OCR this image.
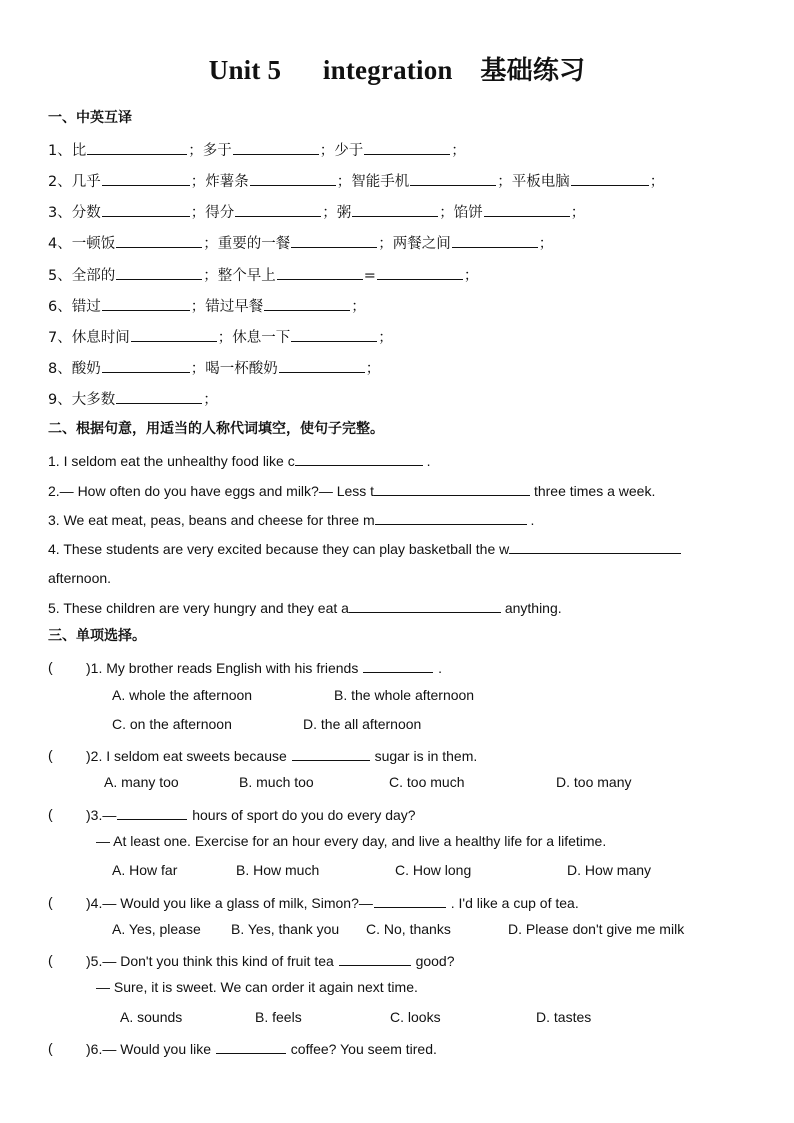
Unit 5 integration 基础练习
一、中英互译
1、比	；多于	；少于	；
2、几乎	；炸薯条	；智能手机	；平板电脑	；
3、分数	；得分	；粥	；馅饼	；
4、一顿饭	；重要的一餐	；两餐之间	；
5、全部的	；整个早上	=	；
6、错过	；错过早餐	；
7、休息时间	；休息一下	；
8、酸奶	；喝一杯酸奶	；
9、大多数	；
二、根据句意，用适当的人称代词填空，使句子完整。
1. I seldom eat the unhealthy food like c	.
2.— How often do you have eggs and milk?— Less t	three times a week.
3. We eat meat, peas, beans and cheese for three m	.
4. These students are very excited because they can play basketball the w
afternoon.
5. These children are very hungry and they eat a	anything.
三、单项选择。
( )1. My brother reads English with his friends	.
A. whole the afternoon	B. the whole afternoon
C. on the afternoon	D. the all afternoon
( )2. I seldom eat sweets because	sugar is in them.
A. many too	B. much too	C. too much	D. too many
( )3.—	hours of sport do you do every day?
— At least one. Exercise for an hour every day, and live a healthy life for a lifetime.
A. How far	B. How much	C. How long	D. How many
( )4.— Would you like a glass of milk, Simon?—	. I'd like a cup of tea.
A. Yes, please B. Yes, thank you C. No, thanks	D. Please don't give me milk
( )5.— Don't you think this kind of fruit tea	good?
— Sure, it is sweet. We can order it again next time.
A. sounds	B. feels	C. looks	D. tastes
( )6.— Would you like	coffee? You seem tired.
